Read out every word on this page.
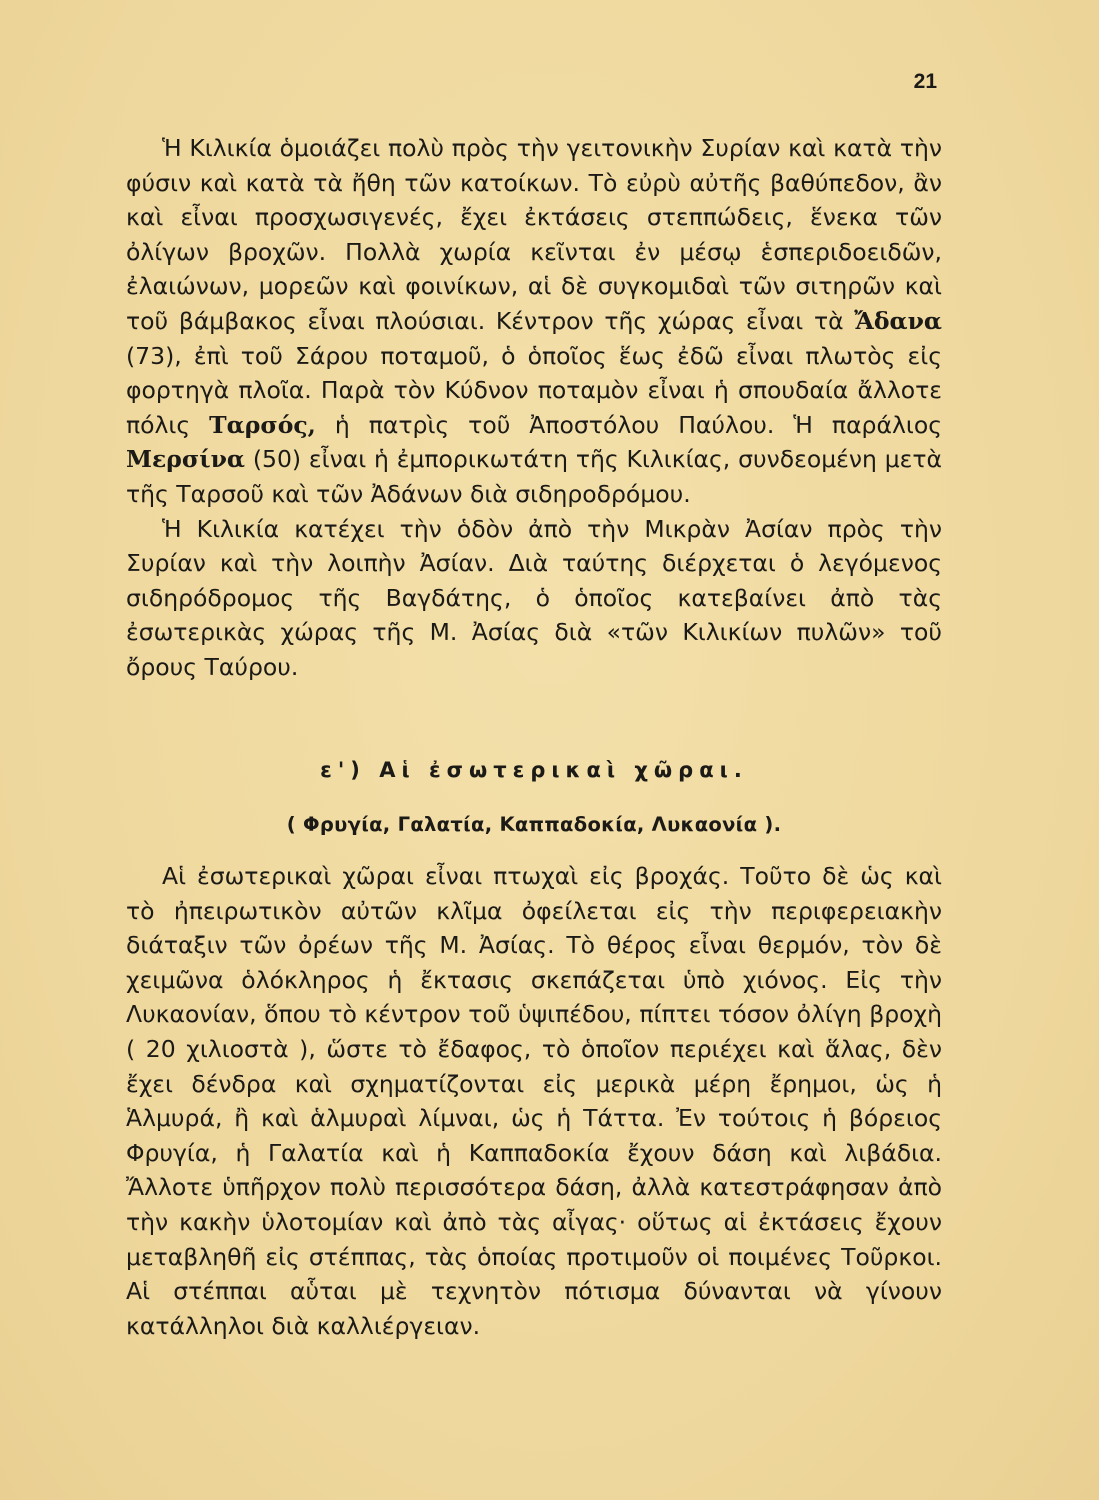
21

Ἡ Κιλικία ὁμοιάζει πολὺ πρὸς τὴν γειτονικὴν Συρίαν καὶ κατὰ τὴν φύσιν καὶ κατὰ τὰ ἤθη τῶν κατοίκων. Τὸ εὐρὺ αὐτῆς βαθύπεδον, ἂν καὶ εἶναι προσχωσιγενές, ἔχει ἐκτάσεις στεππώδεις, ἕνεκα τῶν ὀλίγων βροχῶν. Πολλὰ χωρία κεῖνται ἐν μέσῳ ἑσπεριδοειδῶν, ἐλαιώνων, μορεῶν καὶ φοινίκων, αἱ δὲ συγκομιδαὶ τῶν σιτηρῶν καὶ τοῦ βάμβακος εἶναι πλούσιαι. Κέντρον τῆς χώρας εἶναι τὰ Ἄδανα (73), ἐπὶ τοῦ Σάρου ποταμοῦ, ὁ ὁποῖος ἕως ἐδῶ εἶναι πλωτὸς εἰς φορτηγὰ πλοῖα. Παρὰ τὸν Κύδνον ποταμὸν εἶναι ἡ σπουδαία ἄλλοτε πόλις Ταρσός, ἡ πατρὶς τοῦ Ἀποστόλου Παύλου. Ἡ παράλιος Μερσίνα (50) εἶναι ἡ ἐμπορικωτάτη τῆς Κιλικίας, συνδεομένη μετὰ τῆς Ταρσοῦ καὶ τῶν Ἀδάνων διὰ σιδηροδρόμου.

Ἡ Κιλικία κατέχει τὴν ὁδὸν ἀπὸ τὴν Μικρὰν Ἀσίαν πρὸς τὴν Συρίαν καὶ τὴν λοιπὴν Ἀσίαν. Διὰ ταύτης διέρχεται ὁ λεγόμενος σιδηρόδρομος τῆς Βαγδάτης, ὁ ὁποῖος κατεβαίνει ἀπὸ τὰς ἐσωτερικὰς χώρας τῆς Μ. Ἀσίας διὰ «τῶν Κιλικίων πυλῶν» τοῦ ὄρους Ταύρου.

ε') Αἱ ἐσωτερικαὶ χῶραι.
( Φρυγία, Γαλατία, Καππαδοκία, Λυκαονία ).

Αἱ ἐσωτερικαὶ χῶραι εἶναι πτωχαὶ εἰς βροχάς. Τοῦτο δὲ ὡς καὶ τὸ ἠπειρωτικὸν αὐτῶν κλῖμα ὀφείλεται εἰς τὴν περιφερειακὴν διάταξιν τῶν ὀρέων τῆς Μ. Ἀσίας. Τὸ θέρος εἶναι θερμόν, τὸν δὲ χειμῶνα ὁλόκληρος ἡ ἔκτασις σκεπάζεται ὑπὸ χιόνος. Εἰς τὴν Λυκαονίαν, ὅπου τὸ κέντρον τοῦ ὑψιπέδου, πίπτει τόσον ὀλίγη βροχὴ ( 20 χιλιοστὰ ), ὥστε τὸ ἔδαφος, τὸ ὁποῖον περιέχει καὶ ἅλας, δὲν ἔχει δένδρα καὶ σχηματίζονται εἰς μερικὰ μέρη ἔρημοι, ὡς ἡ Ἁλμυρά, ἢ καὶ ἁλμυραὶ λίμναι, ὡς ἡ Τάττα. Ἐν τούτοις ἡ βόρειος Φρυγία, ἡ Γαλατία καὶ ἡ Καππαδοκία ἔχουν δάση καὶ λιβάδια. Ἄλλοτε ὑπῆρχον πολὺ περισσότερα δάση, ἀλλὰ κατεστράφησαν ἀπὸ τὴν κακὴν ὑλοτομίαν καὶ ἀπὸ τὰς αἶγας· οὕτως αἱ ἐκτάσεις ἔχουν μεταβληθῆ εἰς στέππας, τὰς ὁποίας προτιμοῦν οἱ ποιμένες Τοῦρκοι. Αἱ στέππαι αὗται μὲ τεχνητὸν πότισμα δύνανται νὰ γίνουν κατάλληλοι διὰ καλλιέργειαν.
